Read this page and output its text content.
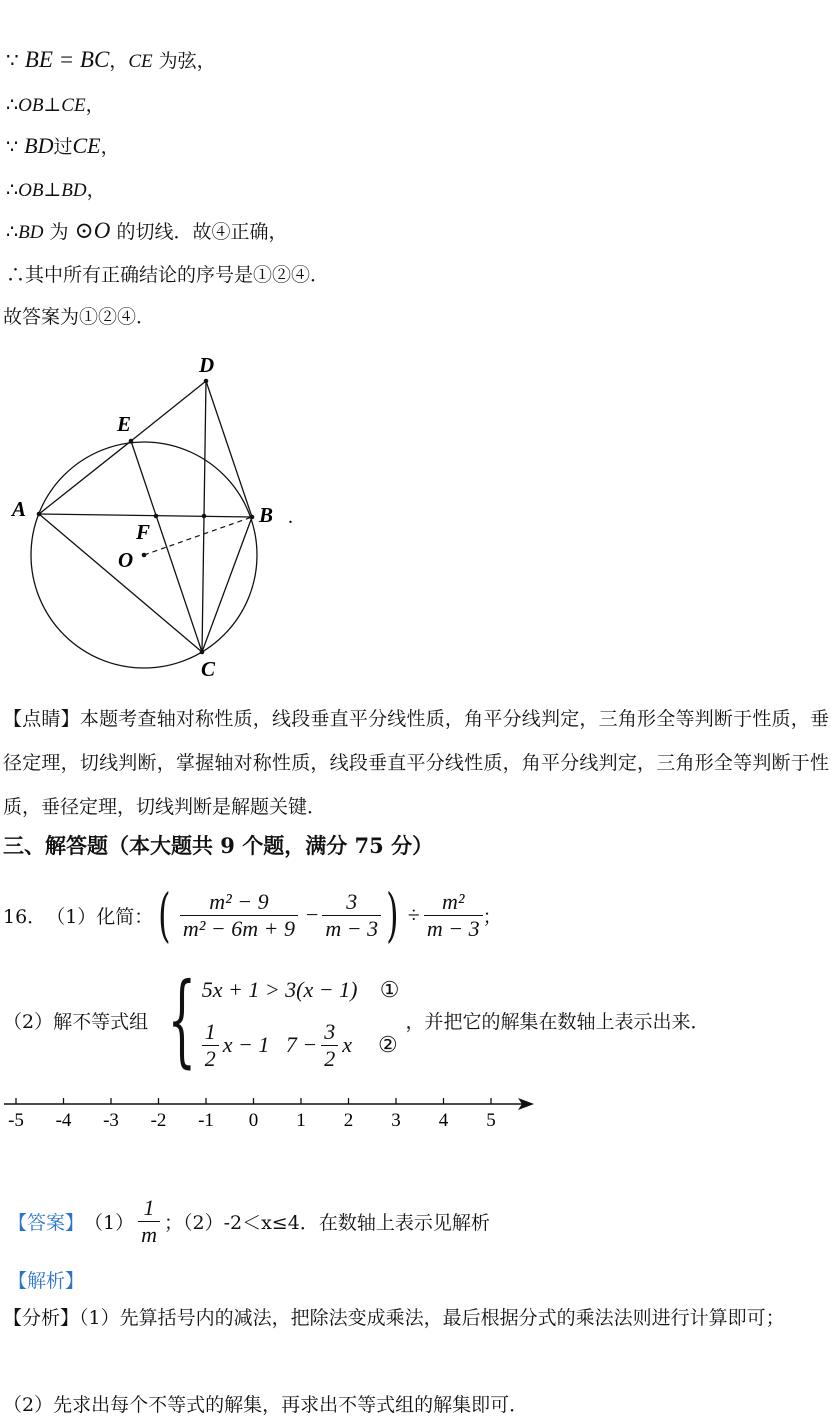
∵ BE = BC，CE 为弦，
∴OB⊥CE，
∵ BD过CE，
∴OB⊥BD，
∴BD 为 ⊙O 的切线．故④正确，
∴其中所有正确结论的序号是①②④．
故答案为①②④．
A	B
C
D
E
F
O
.
【点睛】本题考查轴对称性质，线段垂直平分线性质，角平分线判定，三角形全等判断于性质，垂径定理，切线判断，掌握轴对称性质，线段垂直平分线性质，角平分线判定，三角形全等判断于性质，垂径定理，切线判断是解题关键．
三、解答题（本大题共 9 个题，满分 75 分）
16． （1）化简： ( $\frac{\text{m² − 9}}{\text{m² − 6m + 9}} - \frac{3}{m - 3}$ ) ÷ $\frac{\text{m²}}{m - 3}$ ；
（2）解不等式组 { 5x + 1 > 3(x − 1) ①
$\frac{1}{2}$ x − 1   $7 - \frac{3}{2}$ x ②
，并把它的解集在数轴上表示出来．
-5 -4 -3 -2 -1 0 1 2 3 4 5
【答案】 $(1) \frac{1}{m}$ ；（2）-2＜x≤4．在数轴上表示见解析
【解析】
【分析】（1）先算括号内的减法，把除法变成乘法，最后根据分式的乘法法则进行计算即可；
（2）先求出每个不等式的解集，再求出不等式组的解集即可．
